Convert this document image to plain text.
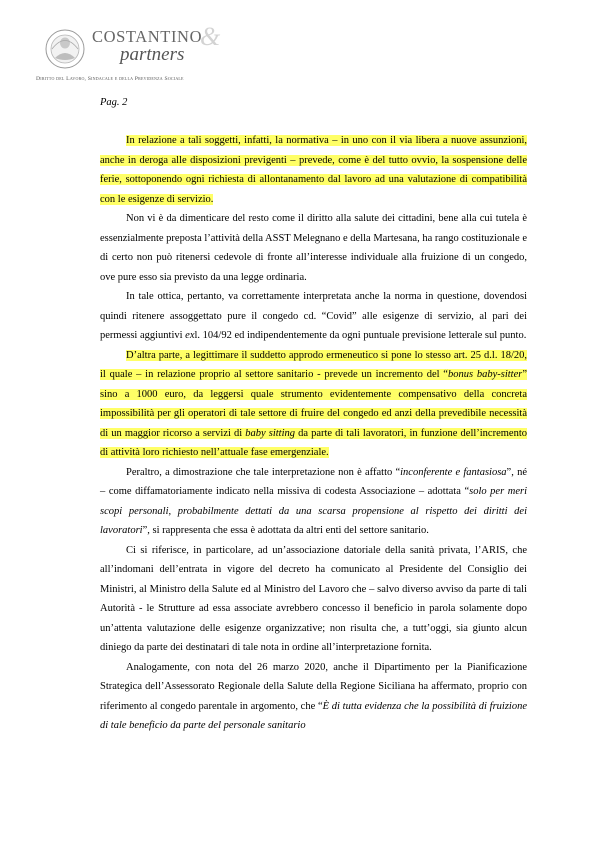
COSTANTINO
&
partners
Diritto del Lavoro, Sindacale e della Previdenza Sociale
Pag. 2

In relazione a tali soggetti, infatti, la normativa – in uno con il via libera a nuove assunzioni, anche in deroga alle disposizioni previgenti – prevede, come è del tutto ovvio, la sospensione delle ferie, sottoponendo ogni richiesta di allontanamento dal lavoro ad una valutazione di compatibilità con le esigenze di servizio.

Non vi è da dimenticare del resto come il diritto alla salute dei cittadini, bene alla cui tutela è essenzialmente preposta l’attività della ASST Melegnano e della Martesana, ha rango costituzionale e di certo non può ritenersi cedevole di fronte all’interesse individuale alla fruizione di un congedo, ove pure esso sia previsto da una legge ordinaria.

In tale ottica, pertanto, va correttamente interpretata anche la norma in questione, dovendosi quindi ritenere assoggettato pure il congedo cd. “Covid” alle esigenze di servizio, al pari dei permessi aggiuntivi exl. 104/92 ed indipendentemente da ogni puntuale previsione letterale sul punto.

D’altra parte, a legittimare il suddetto approdo ermeneutico si pone lo stesso art. 25 d.l. 18/20, il quale – in relazione proprio al settore sanitario - prevede un incremento del “bonus baby-sitter” sino a 1000 euro, da leggersi quale strumento evidentemente compensativo della concreta impossibilità per gli operatori di tale settore di fruire del congedo ed anzi della prevedibile necessità di un maggior ricorso a servizi di baby sitting da parte di tali lavoratori, in funzione dell’incremento di attività loro richiesto nell’attuale fase emergenziale.

Peraltro, a dimostrazione che tale interpretazione non è affatto “inconferente e fantasiosa”, né – come diffamatoriamente indicato nella missiva di codesta Associazione – adottata “solo per meri scopi personali, probabilmente dettati da una scarsa propensione al rispetto dei diritti dei lavoratori”, si rappresenta che essa è adottata da altri enti del settore sanitario.

Ci si riferisce, in particolare, ad un’associazione datoriale della sanità privata, l’ARIS, che all’indomani dell’entrata in vigore del decreto ha comunicato al Presidente del Consiglio dei Ministri, al Ministro della Salute ed al Ministro del Lavoro che – salvo diverso avviso da parte di tali Autorità - le Strutture ad essa associate avrebbero concesso il beneficio in parola solamente dopo un’attenta valutazione delle esigenze organizzative; non risulta che, a tutt’oggi, sia giunto alcun diniego da parte dei destinatari di tale nota in ordine all’interpretazione fornita.

Analogamente, con nota del 26 marzo 2020, anche il Dipartimento per la Pianificazione Strategica dell’Assessorato Regionale della Salute della Regione Siciliana ha affermato, proprio con riferimento al congedo parentale in argomento, che “È di tutta evidenza che la possibilità di fruizione di tale beneficio da parte del personale sanitario
